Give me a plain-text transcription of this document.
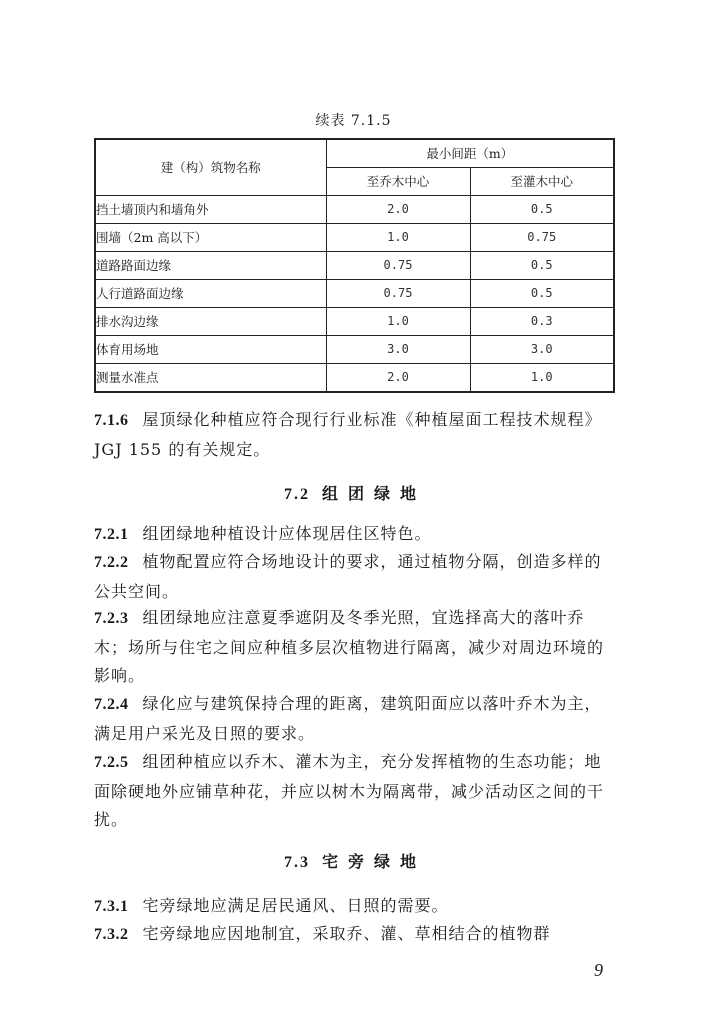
续表 7.1.5
建（构）筑物名称	最小间距（m）	
	至乔木中心	至灌木中心
挡土墙顶内和墙角外	2.0	0.5
围墙（2m 高以下）	1.0	0.75
道路路面边缘	0.75	0.5
人行道路面边缘	0.75	0.5
排水沟边缘	1.0	0.3
体育用场地	3.0	3.0
测量水准点	2.0	1.0
7.1.6 屋顶绿化种植应符合现行行业标准《种植屋面工程技术规程》JGJ 155 的有关规定。
7.2 组团绿地
7.2.1 组团绿地种植设计应体现居住区特色。
7.2.2 植物配置应符合场地设计的要求，通过植物分隔，创造多样的公共空间。
7.2.3 组团绿地应注意夏季遮阴及冬季光照，宜选择高大的落叶乔木；场所与住宅之间应种植多层次植物进行隔离，减少对周边环境的影响。
7.2.4 绿化应与建筑保持合理的距离，建筑阳面应以落叶乔木为主，满足用户采光及日照的要求。
7.2.5 组团种植应以乔木、灌木为主，充分发挥植物的生态功能；地面除硬地外应铺草种花，并应以树木为隔离带，减少活动区之间的干扰。
7.3 宅旁绿地
7.3.1 宅旁绿地应满足居民通风、日照的需要。
7.3.2 宅旁绿地应因地制宜，采取乔、灌、草相结合的植物群
9
